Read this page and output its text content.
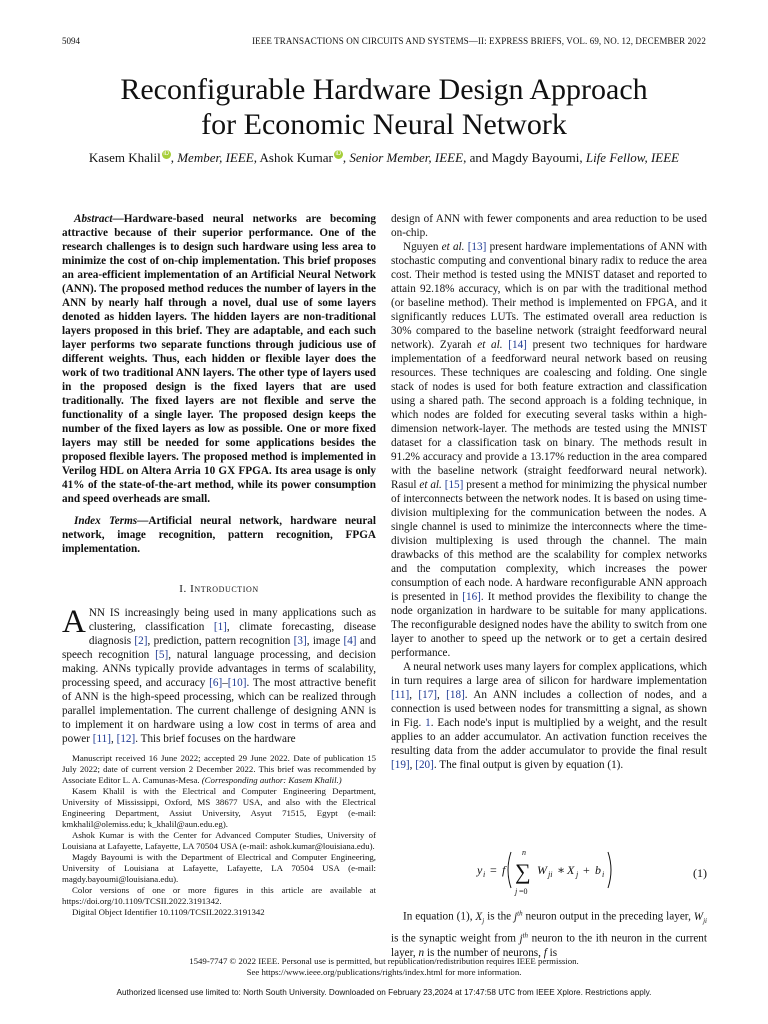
5094	IEEE TRANSACTIONS ON CIRCUITS AND SYSTEMS—II: EXPRESS BRIEFS, VOL. 69, NO. 12, DECEMBER 2022
Reconfigurable Hardware Design Approach
for Economic Neural Network
Kasem Khalil iD , Member, IEEE, Ashok Kumar iD , Senior Member, IEEE, and Magdy Bayoumi, Life Fellow, IEEE

Abstract—Hardware-based neural networks are becoming attractive because of their superior performance. One of the research challenges is to design such hardware using less area to minimize the cost of on-chip implementation. This brief proposes an area-efficient implementation of an Artificial Neural Network (ANN). The proposed method reduces the number of layers in the ANN by nearly half through a novel, dual use of some layers denoted as hidden layers. The hidden layers are non-traditional layers proposed in this brief. They are adaptable, and each such layer performs two separate functions through judicious use of different weights. Thus, each hidden or flexible layer does the work of two traditional ANN layers. The other type of layers used in the proposed design is the fixed layers that are used traditionally. The fixed layers are not flexible and serve the functionality of a single layer. The proposed design keeps the number of the fixed layers as low as possible. One or more fixed layers may still be needed for some applications besides the proposed flexible layers. The proposed method is implemented in Verilog HDL on Altera Arria 10 GX FPGA. Its area usage is only 41% of the state-of-the-art method, while its power consumption and speed overheads are small.

Index Terms—Artificial neural network, hardware neural network, image recognition, pattern recognition, FPGA implementation.

I. Introduction

ANN IS increasingly being used in many applications such as clustering, classification [1], climate forecasting, disease diagnosis [2], prediction, pattern recognition [3], image [4] and speech recognition [5], natural language processing, and decision making. ANNs typically provide advantages in terms of scalability, processing speed, and accuracy [6]–[10]. The most attractive benefit of ANN is the high-speed processing, which can be realized through parallel implementation. The current challenge of designing ANN is to implement it on hardware using a low cost in terms of area and power [11], [12]. This brief focuses on the hardware

Manuscript received 16 June 2022; accepted 29 June 2022. Date of publication 15 July 2022; date of current version 2 December 2022. This brief was recommended by Associate Editor L. A. Camunas-Mesa. (Corresponding author: Kasem Khalil.)

Kasem Khalil is with the Electrical and Computer Engineering Department, University of Mississippi, Oxford, MS 38677 USA, and also with the Electrical Engineering Department, Assiut University, Asyut 71515, Egypt (e-mail: kmkhalil@olemiss.edu; k_khalil@aun.edu.eg).

Ashok Kumar is with the Center for Advanced Computer Studies, University of Louisiana at Lafayette, Lafayette, LA 70504 USA (e-mail: ashok.kumar@louisiana.edu).

Magdy Bayoumi is with the Department of Electrical and Computer Engineering, University of Louisiana at Lafayette, Lafayette, LA 70504 USA (e-mail: magdy.bayoumi@louisiana.edu).

Color versions of one or more figures in this article are available at https://doi.org/10.1109/TCSII.2022.3191342.

Digital Object Identifier 10.1109/TCSII.2022.3191342

design of ANN with fewer components and area reduction to be used on-chip.

Nguyen et al. [13] present hardware implementations of ANN with stochastic computing and conventional binary radix to reduce the area cost. Their method is tested using the MNIST dataset and reported to attain 92.18% accuracy, which is on par with the traditional method (or baseline method). Their method is implemented on FPGA, and it significantly reduces LUTs. The estimated overall area reduction is 30% compared to the baseline network (straight feedforward neural network). Zyarah et al. [14] present two techniques for hardware implementation of a feedforward neural network based on reusing resources. These techniques are coalescing and folding. One single stack of nodes is used for both feature extraction and classification using a shared path. The second approach is a folding technique, in which nodes are folded for executing several tasks within a high-dimension network-layer. The methods are tested using the MNIST dataset for a classification task on binary. The methods result in 91.2% accuracy and provide a 13.17% reduction in the area compared with the baseline network (straight feedforward neural network). Rasul et al. [15] present a method for minimizing the physical number of interconnects between the network nodes. It is based on using time-division multiplexing for the communication between the nodes. A single channel is used to minimize the interconnects where the time-division multiplexing is used through the channel. The main drawbacks of this method are the scalability for complex networks and the computation complexity, which increases the power consumption of each node. A hardware reconfigurable ANN approach is presented in [16]. It method provides the flexibility to change the node organization in hardware to be suitable for many applications. The reconfigurable designed nodes have the ability to switch from one layer to another to speed up the network or to get a certain desired performance.

A neural network uses many layers for complex applications, which in turn requires a large area of silicon for hardware implementation [11], [17], [18]. An ANN includes a collection of nodes, and a connection is used between nodes for transmitting a signal, as shown in Fig. 1. Each node's input is multiplied by a weight, and the result applies to an adder accumulator. An activation function receives the resulting data from the adder accumulator to provide the final result [19], [20]. The final output is given by equation (1).

y i = f
n
∑
j =0
W ji ∗ X j + b i	(1)

In equation (1), $X_j$ is the $j^{th}$ neuron output in the preceding layer, $W_{ji}$ is the synaptic weight from $j^{th}$ neuron to the ith neuron in the current layer, n is the number of neurons, f is

1549-7747 © 2022 IEEE. Personal use is permitted, but republication/redistribution requires IEEE permission.
See https://www.ieee.org/publications/rights/index.html for more information.
Authorized licensed use limited to: North South University. Downloaded on February 23,2024 at 17:47:58 UTC from IEEE Xplore. Restrictions apply.
